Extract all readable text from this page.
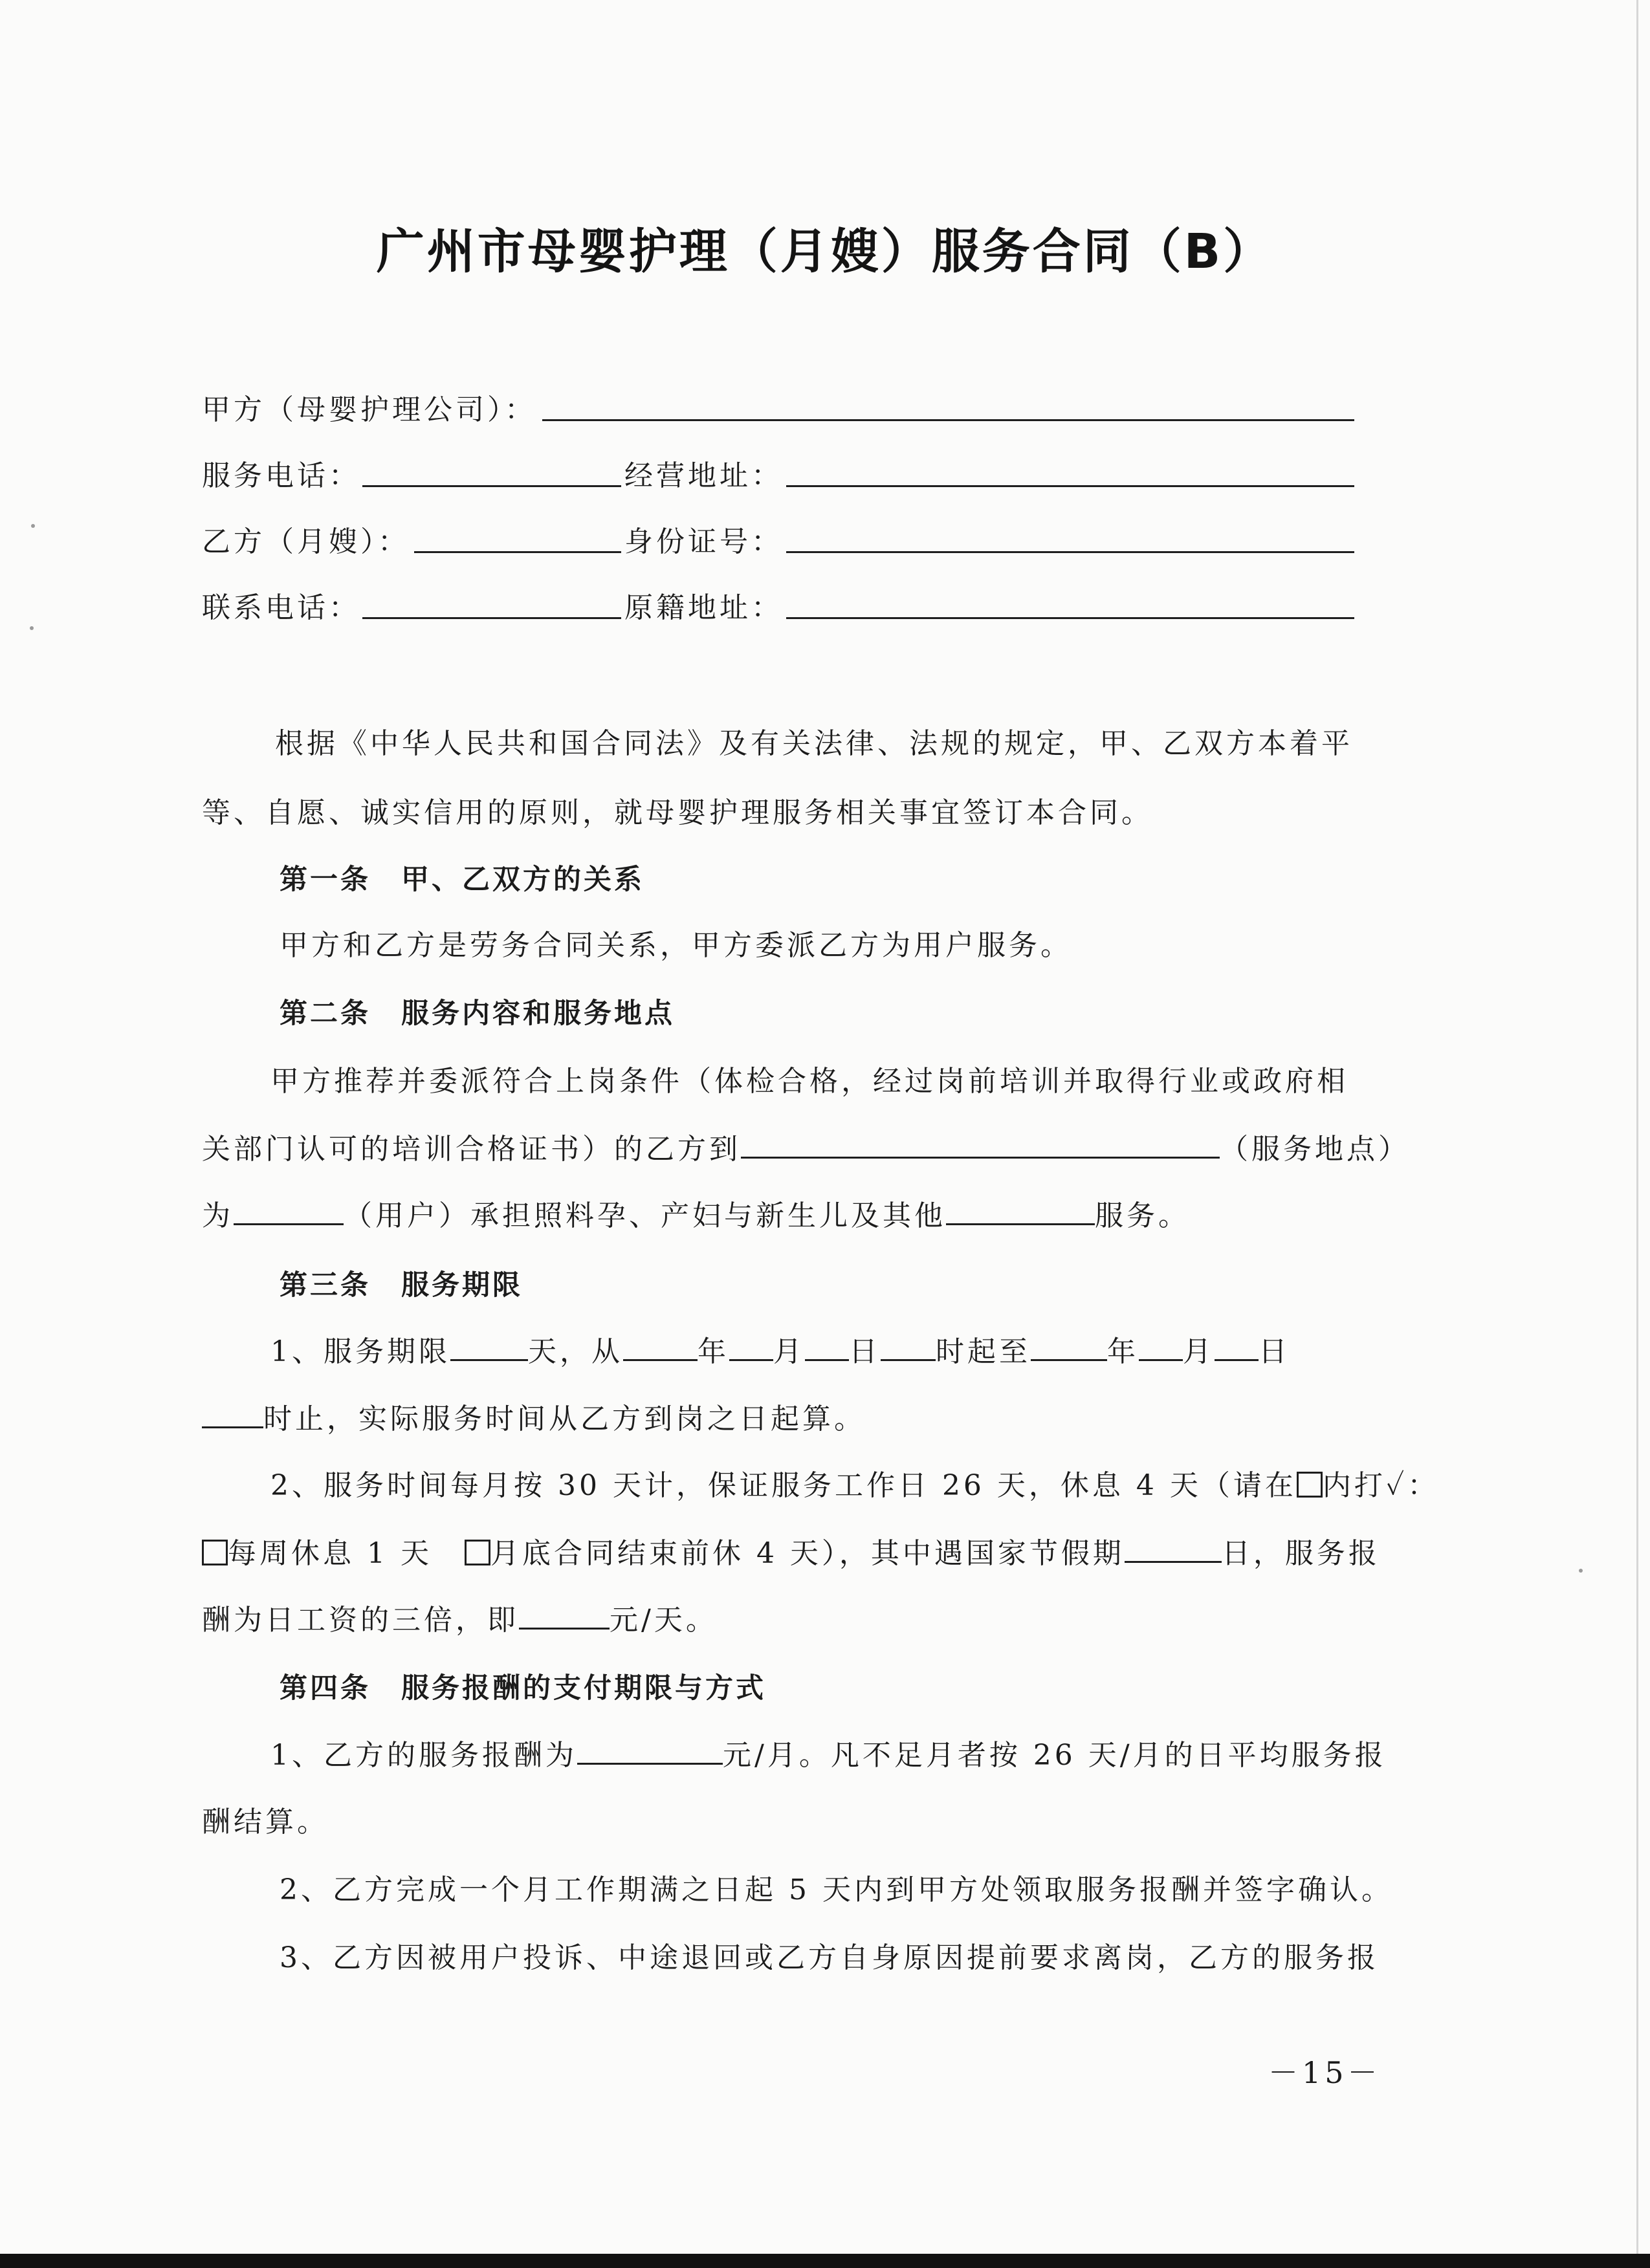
广州市母婴护理（月嫂）服务合同（B）
甲方（母婴护理公司）：
服务电话：	经营地址：
乙方（月嫂）：	身份证号：
联系电话：	原籍地址：
根据《中华人民共和国合同法》及有关法律、法规的规定，甲、乙双方本着平
等、自愿、诚实信用的原则，就母婴护理服务相关事宜签订本合同。
第一条　甲、乙双方的关系
甲方和乙方是劳务合同关系，甲方委派乙方为用户服务。
第二条　服务内容和服务地点
甲方推荐并委派符合上岗条件（体检合格，经过岗前培训并取得行业或政府相
关部门认可的培训合格证书）的乙方到	（服务地点）
为	（用户）承担照料孕、产妇与新生儿及其他	服务。
第三条　服务期限
1、服务期限	天，从	年 月 日 时起至	年 月 日
时止，实际服务时间从乙方到岗之日起算。
2、服务时间每月按 30 天计，保证服务工作日 26 天，休息 4 天（请在 内打✓：
每周休息 1 天 月底合同结束前休 4 天），其中遇国家节假期	日，服务报
酬为日工资的三倍，即	元/天。
第四条　服务报酬的支付期限与方式
1、乙方的服务报酬为	元/月。凡不足月者按 26 天/月的日平均服务报
酬结算。
2、乙方完成一个月工作期满之日起 5 天内到甲方处领取服务报酬并签字确认。
3、乙方因被用户投诉、中途退回或乙方自身原因提前要求离岗，乙方的服务报
－15－
